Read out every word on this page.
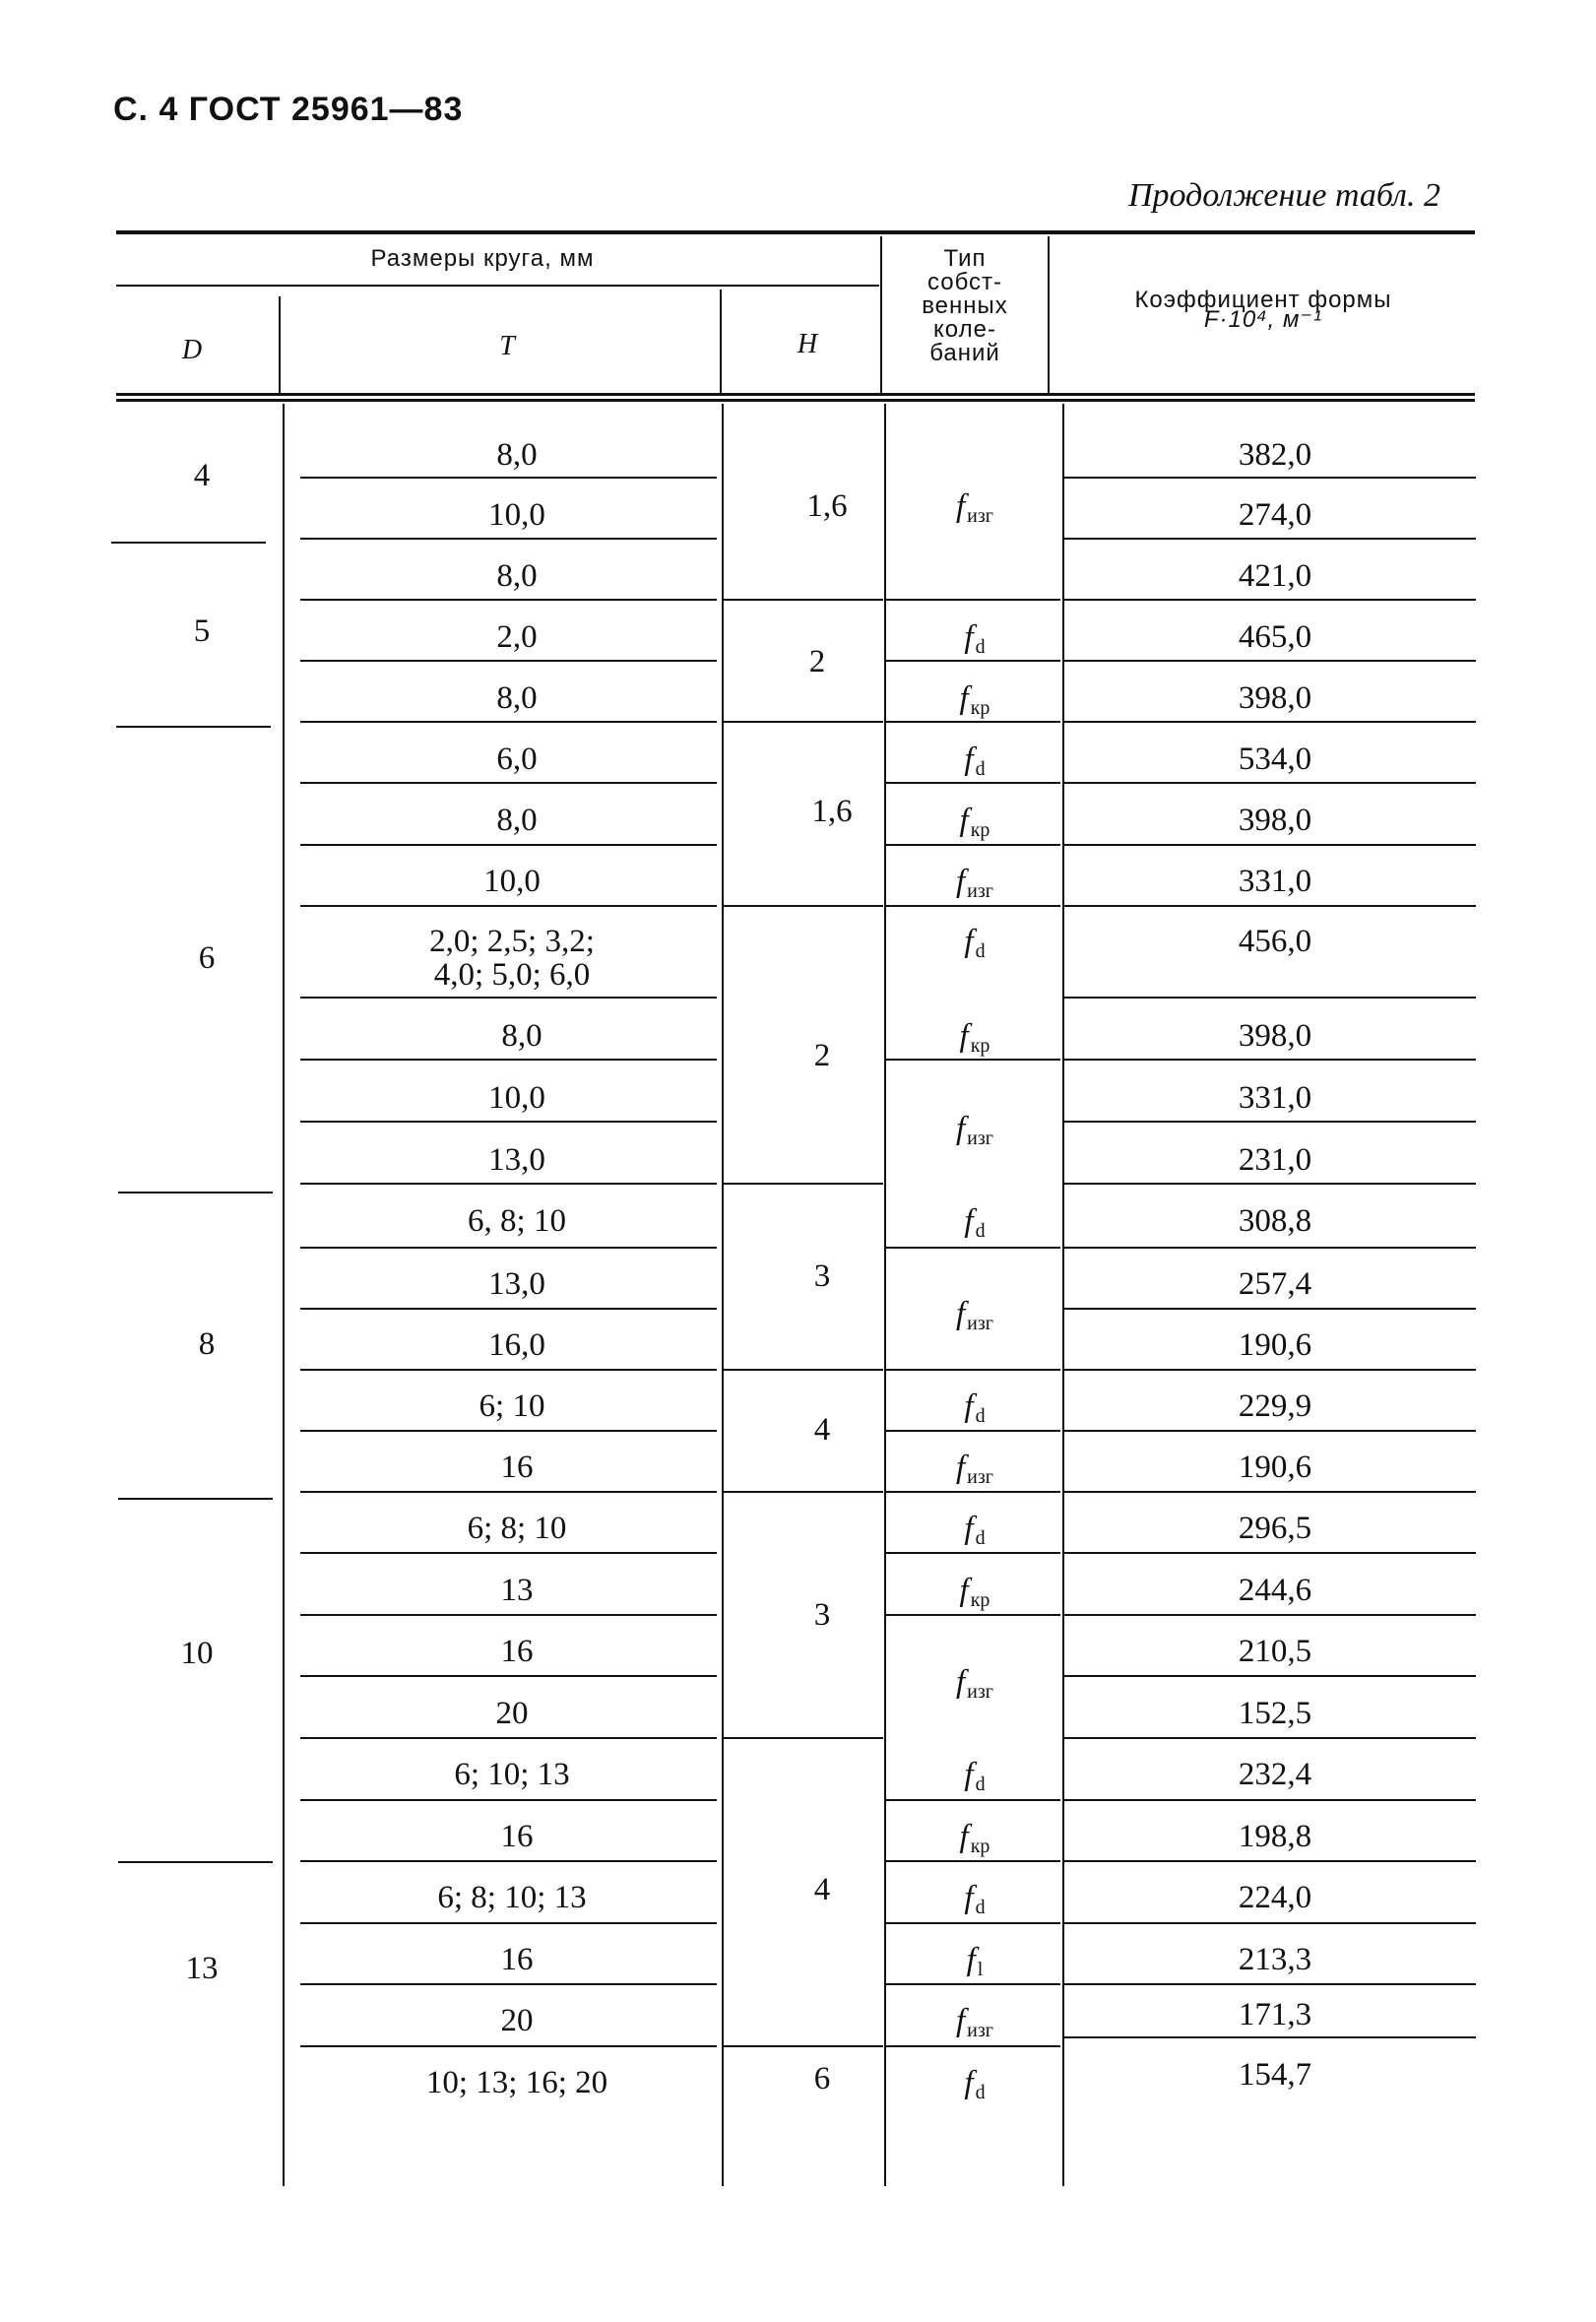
С. 4 ГОСТ 25961—83
Продолжение табл. 2
Размеры круга, мм
D	T	H
Тип
собст-
венных
коле-
баний
Коэффициент формы
F·10⁴, м⁻¹
4
5
6
8
10
13
1,6
2
1,6
2
3
4
3
4
6
8,0
10,0
8,0
2,0
8,0
6,0
8,0
10,0
2,0; 2,5; 3,2;
4,0; 5,0; 6,0
8,0
10,0
13,0
6, 8; 10
13,0
16,0
6; 10
16
6; 8; 10
13
16
20
6; 10; 13
16
6; 8; 10; 13
16
20
10; 13; 16; 20
fизг
fd
fкр
fd
fкр
fизг
fd
fкр
fизг
fd
fизг
fd
fизг
fd
fкр
fизг
fd
fкр
fd
fl
fизг
fd
382,0
274,0
421,0
465,0
398,0
534,0
398,0
331,0
456,0
398,0
331,0
231,0
308,8
257,4
190,6
229,9
190,6
296,5
244,6
210,5
152,5
232,4
198,8
224,0
213,3
171,3
154,7
